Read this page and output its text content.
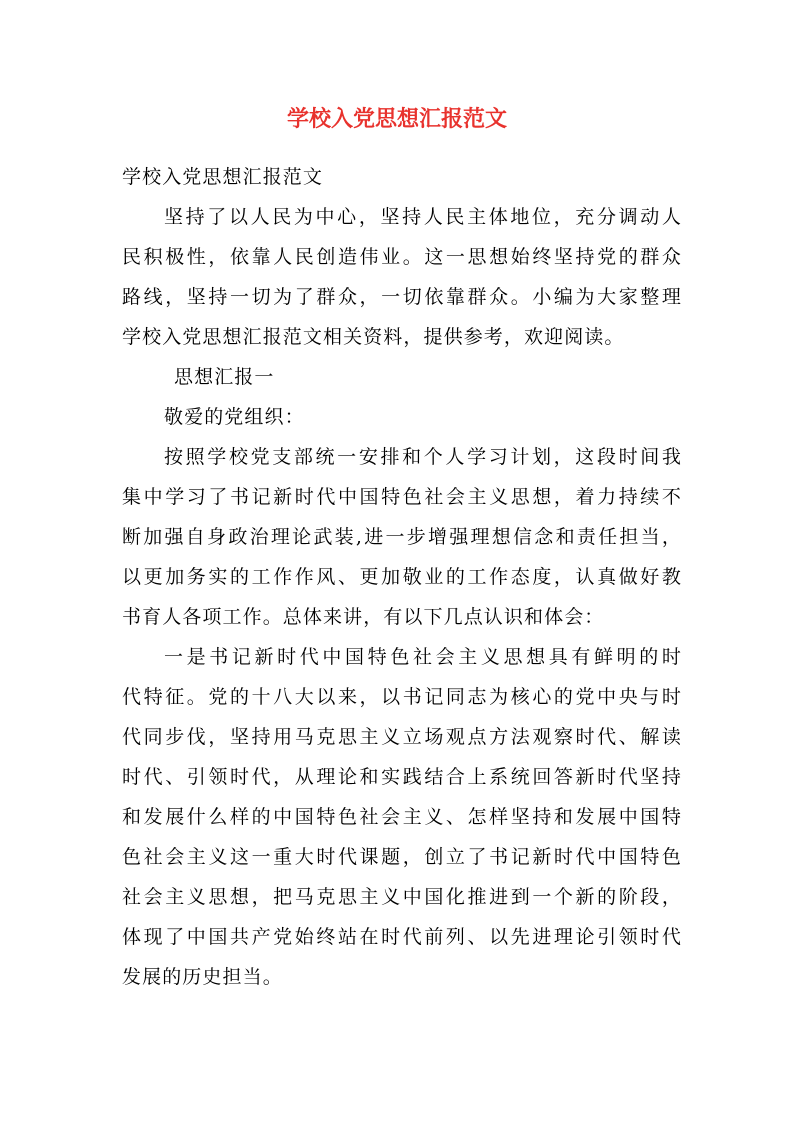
学校入党思想汇报范文
学校入党思想汇报范文
坚持了以人民为中心，坚持人民主体地位，充分调动人
民积极性，依靠人民创造伟业。这一思想始终坚持党的群众
路线，坚持一切为了群众，一切依靠群众。小编为大家整理
学校入党思想汇报范文相关资料，提供参考，欢迎阅读。
思想汇报一
敬爱的党组织：
按照学校党支部统一安排和个人学习计划，这段时间我
集中学习了书记新时代中国特色社会主义思想，着力持续不
断加强自身政治理论武装,进一步增强理想信念和责任担当，
以更加务实的工作作风、更加敬业的工作态度，认真做好教
书育人各项工作。总体来讲，有以下几点认识和体会：
一是书记新时代中国特色社会主义思想具有鲜明的时
代特征。党的十八大以来，以书记同志为核心的党中央与时
代同步伐，坚持用马克思主义立场观点方法观察时代、解读
时代、引领时代，从理论和实践结合上系统回答新时代坚持
和发展什么样的中国特色社会主义、怎样坚持和发展中国特
色社会主义这一重大时代课题，创立了书记新时代中国特色
社会主义思想，把马克思主义中国化推进到一个新的阶段，
体现了中国共产党始终站在时代前列、以先进理论引领时代
发展的历史担当。
